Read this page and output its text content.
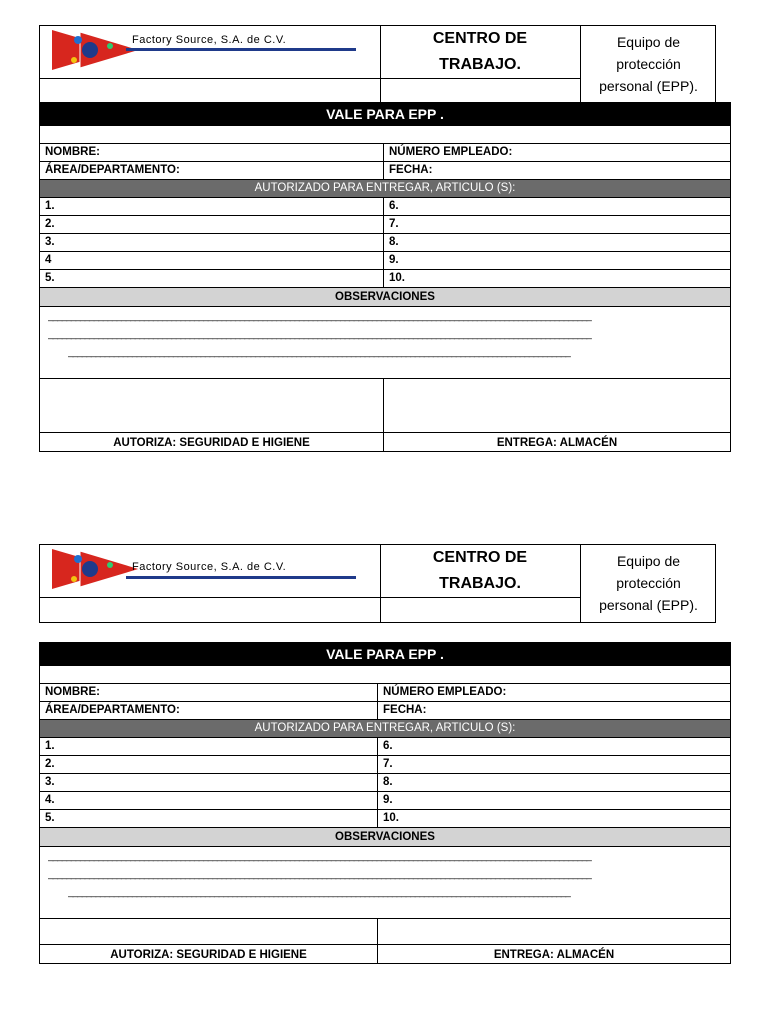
Factory Source, S.A. de C.V.	CENTRO DE
TRABAJO.
Equipo de
protección
personal (EPP).
VALE PARA EPP .
NOMBRE:	NÚMERO EMPLEADO:
ÁREA/DEPARTAMENTO:	FECHA:
AUTORIZADO PARA ENTREGAR, ARTICULO (S):
1.	6.
2.	7.
3.	8.
4	9.
5.	10.
OBSERVACIONES
_______________________________________________________________________________________________________________________
_______________________________________________________________________________________________________________________
______________________________________________________________________________________________________________
AUTORIZA: SEGURIDAD E HIGIENE	ENTREGA: ALMACÉN
Factory Source, S.A. de C.V.
CENTRO DE
TRABAJO.
Equipo de
protección
personal (EPP).
VALE PARA EPP .
NOMBRE:	NÚMERO EMPLEADO:
ÁREA/DEPARTAMENTO:	FECHA:
AUTORIZADO PARA ENTREGAR, ARTICULO (S):
1.	6.
2.	7.
3.	8.
4.	9.
5.	10.
OBSERVACIONES
_______________________________________________________________________________________________________________________
_______________________________________________________________________________________________________________________
______________________________________________________________________________________________________________
AUTORIZA: SEGURIDAD E HIGIENE	ENTREGA: ALMACÉN
